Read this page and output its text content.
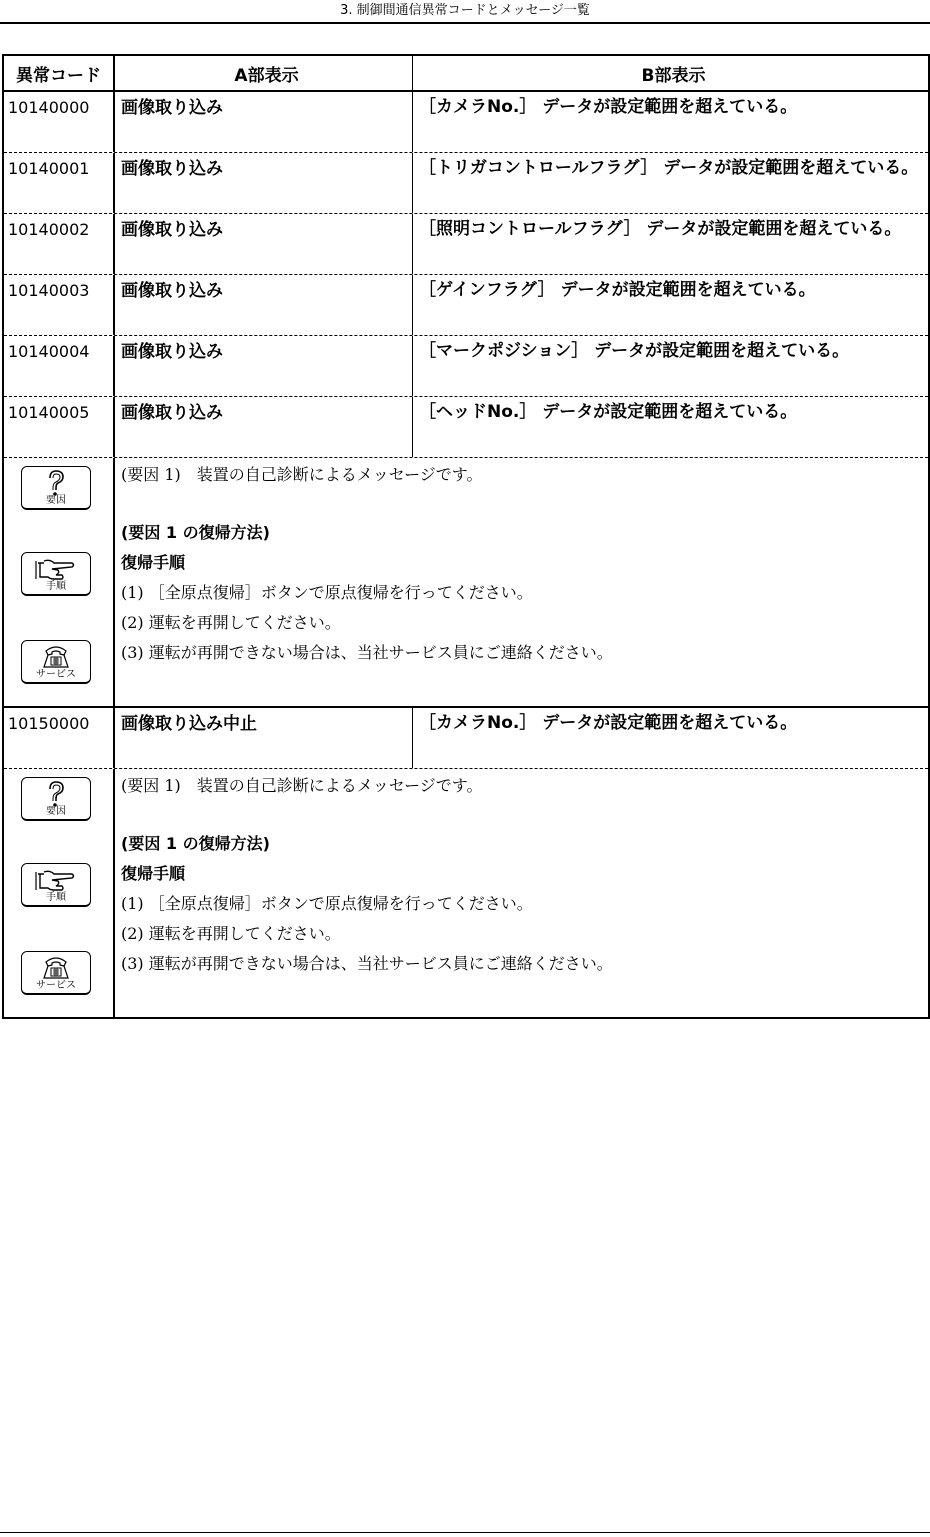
3. 制御間通信異常コードとメッセージ一覧
異常コード	A部表示	B部表示
10140000	画像取り込み	［カメラNo.］ データが設定範囲を超えている。
10140001	画像取り込み	［トリガコントロールフラグ］ データが設定範囲を超えている。
10140002	画像取り込み	［照明コントロールフラグ］ データが設定範囲を超えている。
10140003	画像取り込み	［ゲインフラグ］ データが設定範囲を超えている。
10140004	画像取り込み	［マークポジション］ データが設定範囲を超えている。
10140005	画像取り込み	［ヘッドNo.］ データが設定範囲を超えている。
要因
手順
サービス
(要因 1)　装置の自己診断によるメッセージです。
(要因 1 の復帰方法)
復帰手順
(1) ［全原点復帰］ボタンで原点復帰を行ってください。
(2) 運転を再開してください。
(3) 運転が再開できない場合は、当社サービス員にご連絡ください。
10150000	画像取り込み中止	［カメラNo.］ データが設定範囲を超えている。
要因
手順
サービス
(要因 1)　装置の自己診断によるメッセージです。
(要因 1 の復帰方法)
復帰手順
(1) ［全原点復帰］ボタンで原点復帰を行ってください。
(2) 運転を再開してください。
(3) 運転が再開できない場合は、当社サービス員にご連絡ください。
